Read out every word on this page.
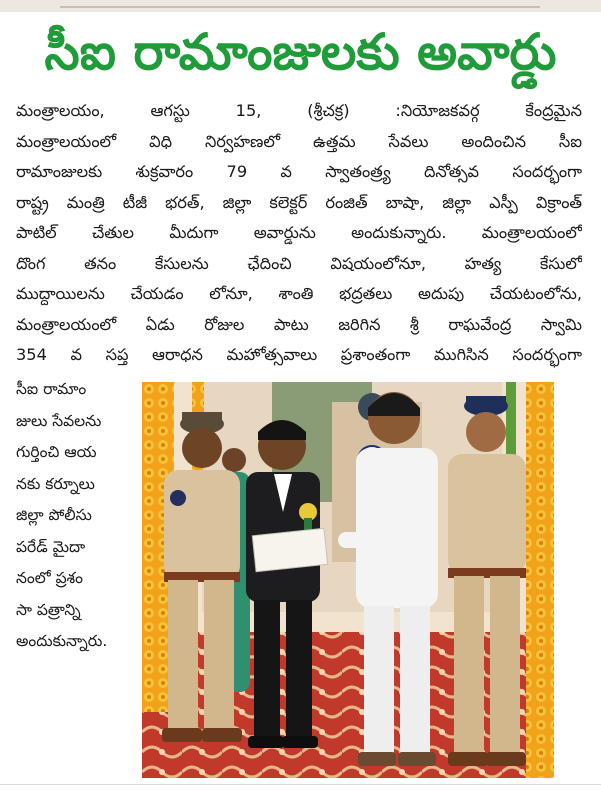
సీఐ రామాంజులకు అవార్డు
మంత్రాలయం, ఆగస్టు 15, (శ్రీచక్ర) :నియోజకవర్గ కేంద్రమైన
మంత్రాలయంలో విధి నిర్వహణలో ఉత్తమ సేవలు అందించిన సీఐ
రామాంజులకు శుక్రవారం 79 వ స్వాతంత్ర్య దినోత్సవ సందర్భంగా
రాష్ట్ర మంత్రి టీజీ భరత్, జిల్లా కలెక్టర్ రంజిత్ బాషా, జిల్లా ఎస్పీ విక్రాంత్
పాటిల్ చేతుల మీదుగా అవార్డును అందుకున్నారు. మంత్రాలయంలో
దొంగ తనం కేసులను ఛేదించి విషయంలోనూ, హత్య కేసులో
ముద్దాయిలను చేయడం లోనూ, శాంతి భద్రతలు అదుపు చేయటంలోను,
మంత్రాలయంలో ఏడు రోజుల పాటు జరిగిన శ్రీ రాఘవేంద్ర స్వామి
354 వ సప్త ఆరాధన మహోత్సవాలు ప్రశాంతంగా ముగిసిన సందర్భంగా
సీఐ రామాం
జులు సేవలను
గుర్తించి ఆయ
నకు కర్నూలు
జిల్లా పోలీసు
పరేడ్ మైదా
నంలో ప్రశం
సా పత్రాన్ని
అందుకున్నారు.
